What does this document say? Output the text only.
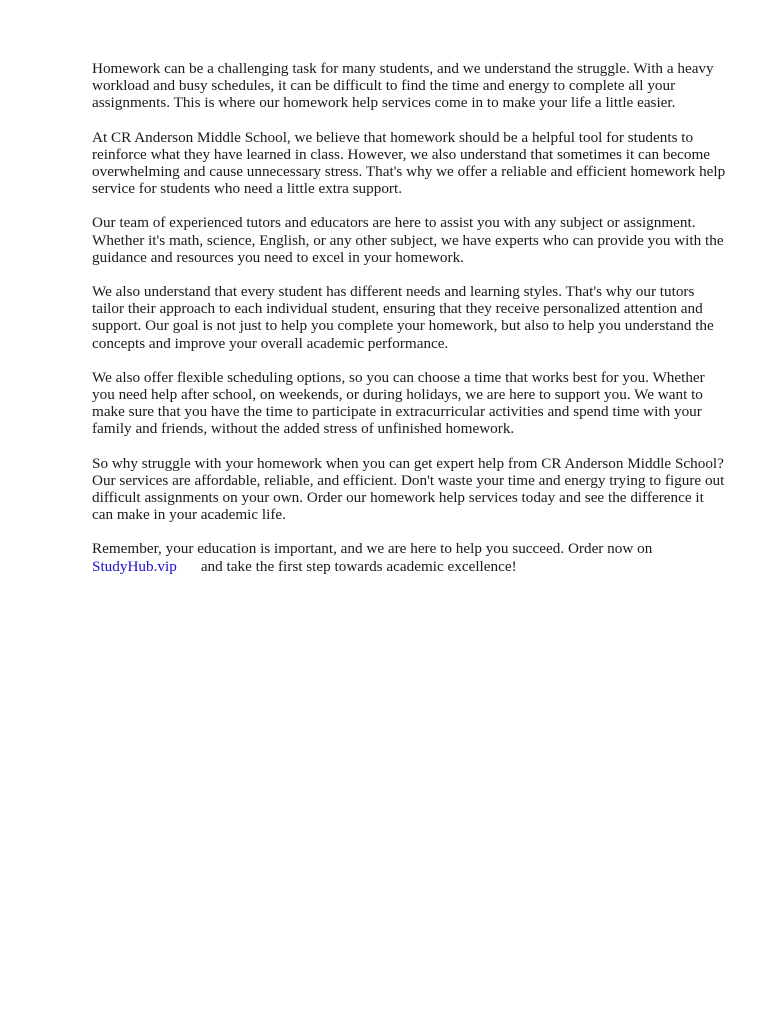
Homework can be a challenging task for many students, and we understand the struggle. With a heavy workload and busy schedules, it can be difficult to find the time and energy to complete all your assignments. This is where our homework help services come in to make your life a little easier.

At CR Anderson Middle School, we believe that homework should be a helpful tool for students to reinforce what they have learned in class. However, we also understand that sometimes it can become overwhelming and cause unnecessary stress. That's why we offer a reliable and efficient homework help service for students who need a little extra support.

Our team of experienced tutors and educators are here to assist you with any subject or assignment. Whether it's math, science, English, or any other subject, we have experts who can provide you with the guidance and resources you need to excel in your homework.

We also understand that every student has different needs and learning styles. That's why our tutors tailor their approach to each individual student, ensuring that they receive personalized attention and support. Our goal is not just to help you complete your homework, but also to help you understand the concepts and improve your overall academic performance.

We also offer flexible scheduling options, so you can choose a time that works best for you. Whether you need help after school, on weekends, or during holidays, we are here to support you. We want to make sure that you have the time to participate in extracurricular activities and spend time with your family and friends, without the added stress of unfinished homework.

So why struggle with your homework when you can get expert help from CR Anderson Middle School? Our services are affordable, reliable, and efficient. Don't waste your time and energy trying to figure out difficult assignments on your own. Order our homework help services today and see the difference it can make in your academic life.

Remember, your education is important, and we are here to help you succeed. Order now on
StudyHub.vip and take the first step towards academic excellence!
